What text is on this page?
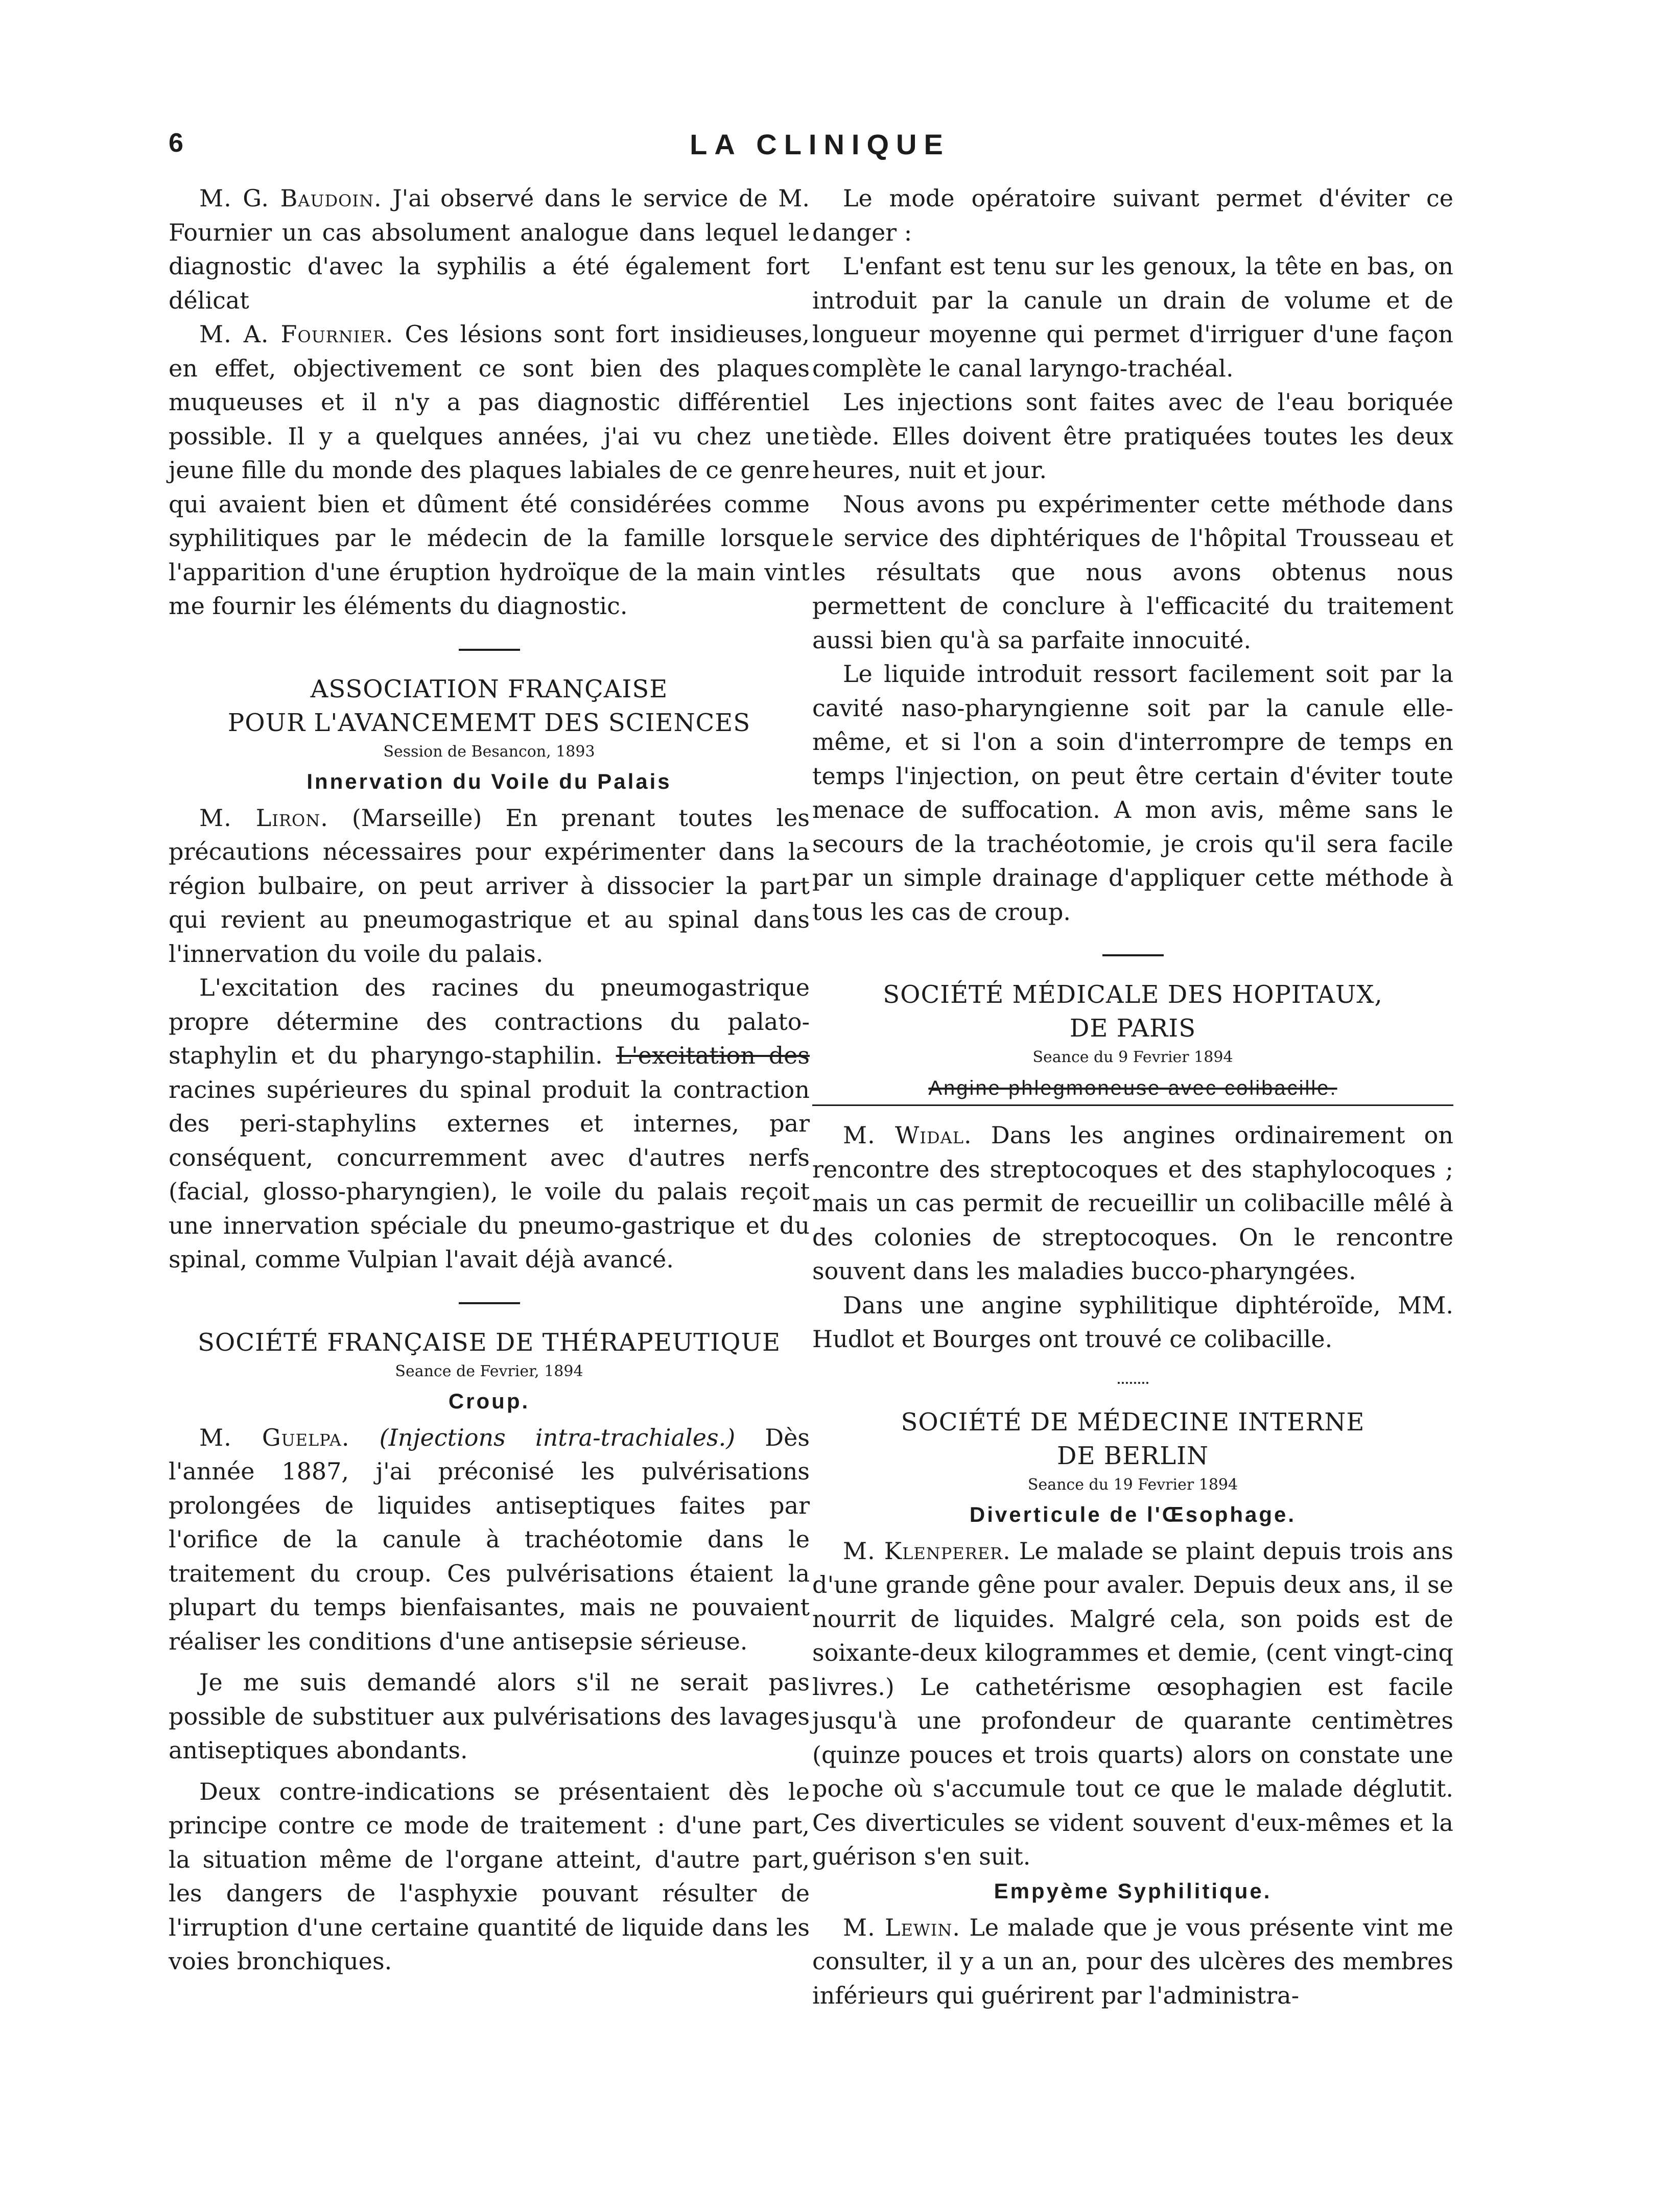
6	LA CLINIQUE

M. G. Baudoin. J'ai observé dans le service de M. Fournier un cas absolument analogue dans lequel le diagnostic d'avec la syphilis a été également fort délicat

M. A. Fournier. Ces lésions sont fort insidieuses, en effet, objectivement ce sont bien des plaques muqueuses et il n'y a pas diagnostic différentiel possible. Il y a quelques années, j'ai vu chez une jeune fille du monde des plaques labiales de ce genre qui avaient bien et dûment été considérées comme syphilitiques par le médecin de la famille lorsque l'apparition d'une éruption hydroïque de la main vint me fournir les éléments du diagnostic.

ASSOCIATION FRANÇAISE
POUR L'AVANCEMEMT DES SCIENCES
Session de Besancon, 1893
Innervation du Voile du Palais

M. Liron. (Marseille) En prenant toutes les précautions nécessaires pour expérimenter dans la région bulbaire, on peut arriver à dissocier la part qui revient au pneumogastrique et au spinal dans l'innervation du voile du palais.

L'excitation des racines du pneumogastrique propre détermine des contractions du palato-staphylin et du pharyngo-staphilin. L'excitation des racines supérieures du spinal produit la contraction des peri-staphylins externes et internes, par conséquent, concurremment avec d'autres nerfs (facial, glosso-pharyngien), le voile du palais reçoit une innervation spéciale du pneumo-gastrique et du spinal, comme Vulpian l'avait déjà avancé.

SOCIÉTÉ FRANÇAISE DE THÉRAPEUTIQUE
Seance de Fevrier, 1894
Croup.

M. Guelpa. (Injections intra-trachiales.) Dès l'année 1887, j'ai préconisé les pulvérisations prolongées de liquides antiseptiques faites par l'orifice de la canule à trachéotomie dans le traitement du croup. Ces pulvérisations étaient la plupart du temps bienfaisantes, mais ne pouvaient réaliser les conditions d'une antisepsie sérieuse.

Je me suis demandé alors s'il ne serait pas possible de substituer aux pulvérisations des lavages antiseptiques abondants.

Deux contre-indications se présentaient dès le principe contre ce mode de traitement : d'une part, la situation même de l'organe atteint, d'autre part, les dangers de l'asphyxie pouvant résulter de l'irruption d'une certaine quantité de liquide dans les voies bronchiques.

Le mode opératoire suivant permet d'éviter ce danger :

L'enfant est tenu sur les genoux, la tête en bas, on introduit par la canule un drain de volume et de longueur moyenne qui permet d'irriguer d'une façon complète le canal laryngo-trachéal.

Les injections sont faites avec de l'eau boriquée tiède. Elles doivent être pratiquées toutes les deux heures, nuit et jour.

Nous avons pu expérimenter cette méthode dans le service des diphtériques de l'hôpital Trousseau et les résultats que nous avons obtenus nous permettent de conclure à l'efficacité du traitement aussi bien qu'à sa parfaite innocuité.

Le liquide introduit ressort facilement soit par la cavité naso-pharyngienne soit par la canule elle-même, et si l'on a soin d'interrompre de temps en temps l'injection, on peut être certain d'éviter toute menace de suffocation. A mon avis, même sans le secours de la trachéotomie, je crois qu'il sera facile par un simple drainage d'appliquer cette méthode à tous les cas de croup.

SOCIÉTÉ MÉDICALE DES HOPITAUX,
DE PARIS
Seance du 9 Fevrier 1894
Angine phlegmoneuse avec colibacille.

M. Widal. Dans les angines ordinairement on rencontre des streptocoques et des staphylocoques ; mais un cas permit de recueillir un colibacille mêlé à des colonies de streptocoques. On le rencontre souvent dans les maladies bucco-pharyngées.

Dans une angine syphilitique diphtéroïde, MM. Hudlot et Bourges ont trouvé ce colibacille.

SOCIÉTÉ DE MÉDECINE INTERNE
DE BERLIN
Seance du 19 Fevrier 1894
Diverticule de l'Œsophage.

M. Klenperer. Le malade se plaint depuis trois ans d'une grande gêne pour avaler. Depuis deux ans, il se nourrit de liquides. Malgré cela, son poids est de soixante-deux kilogrammes et demie, (cent vingt-cinq livres.) Le cathetérisme œsophagien est facile jusqu'à une profondeur de quarante centimètres (quinze pouces et trois quarts) alors on constate une poche où s'accumule tout ce que le malade déglutit. Ces diverticules se vident souvent d'eux-mêmes et la guérison s'en suit.

Empyème Syphilitique.

M. Lewin. Le malade que je vous présente vint me consulter, il y a un an, pour des ulcères des membres inférieurs qui guérirent par l'administra-
